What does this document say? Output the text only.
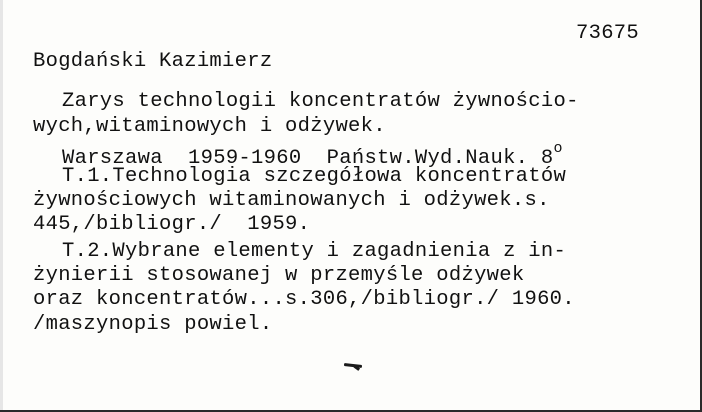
73675
Bogdański Kazimierz
Zarys technologii koncentratów żywnościo-
wych,witaminowych i odżywek.
Warszawa  1959-1960  Państw.Wyd.Nauk. 8$^o$
T.1.Technologia szczegółowa koncentratów
żywnościowych witaminowanych i odżywek.s.
445,/bibliogr./  1959.
T.2.Wybrane elementy i zagadnienia z in-
żynierii stosowanej w przemyśle odżywek
oraz koncentratów...s.306,/bibliogr./ 1960.
/maszynopis powiel.
